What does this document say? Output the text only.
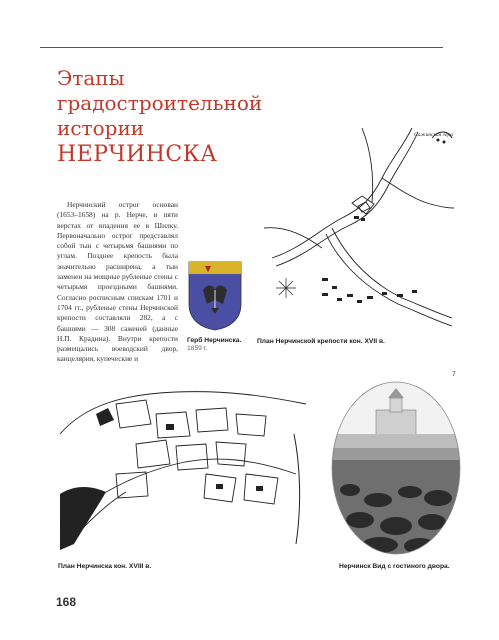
Этапы
градостроительной
истории
НЕРЧИНСКА

Нерчинский острог основан (1653–1658) на р. Нерче, в пяти верстах от впадения ее в Шилку. Первоначально острог представлял собой тын с четырьмя башнями по углам. Позднее крепость была значительно расширена, а тын заменен на мощные рубленые стены с четырьмя проездными башнями. Согласно росписным спискам 1701 и 1704 гг., рубленые стены Нерчинской крепости составляли 282, а с башнями — 308 саженей (данные Н.П. Крадина). Внутри крепости размещались воеводский двор, канцелярия, купеческие и

Сажинская гора
План Нерчинской крепости кон. XVII в.
Герб Нерчинска.
1859 г.
План Нерчинска кон. XVIII в.
7
Нерчинск Вид с гостиного двора.
168
